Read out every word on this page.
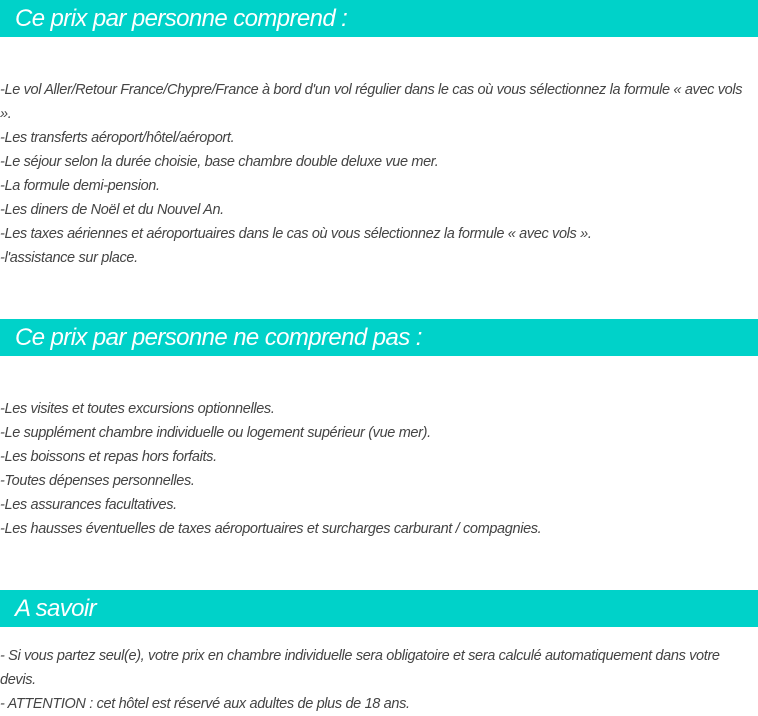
Ce prix par personne comprend :
-Le vol Aller/Retour France/Chypre/France à bord d'un vol régulier dans le cas où vous sélectionnez la formule « avec vols ».
-Les transferts aéroport/hôtel/aéroport.
-Le séjour selon la durée choisie, base chambre double deluxe vue mer.
-La formule demi-pension.
-Les diners de Noël et du Nouvel An.
-Les taxes aériennes et aéroportuaires dans le cas où vous sélectionnez la formule « avec vols ».
-l'assistance sur place.
Ce prix par personne ne comprend pas :
-Les visites et toutes excursions optionnelles.
-Le supplément chambre individuelle ou logement supérieur (vue mer).
-Les boissons et repas hors forfaits.
-Toutes dépenses personnelles.
-Les assurances facultatives.
-Les hausses éventuelles de taxes aéroportuaires et surcharges carburant / compagnies.
A savoir
- Si vous partez seul(e), votre prix en chambre individuelle sera obligatoire et sera calculé automatiquement dans votre devis.
- ATTENTION : cet hôtel est réservé aux adultes de plus de 18 ans.
